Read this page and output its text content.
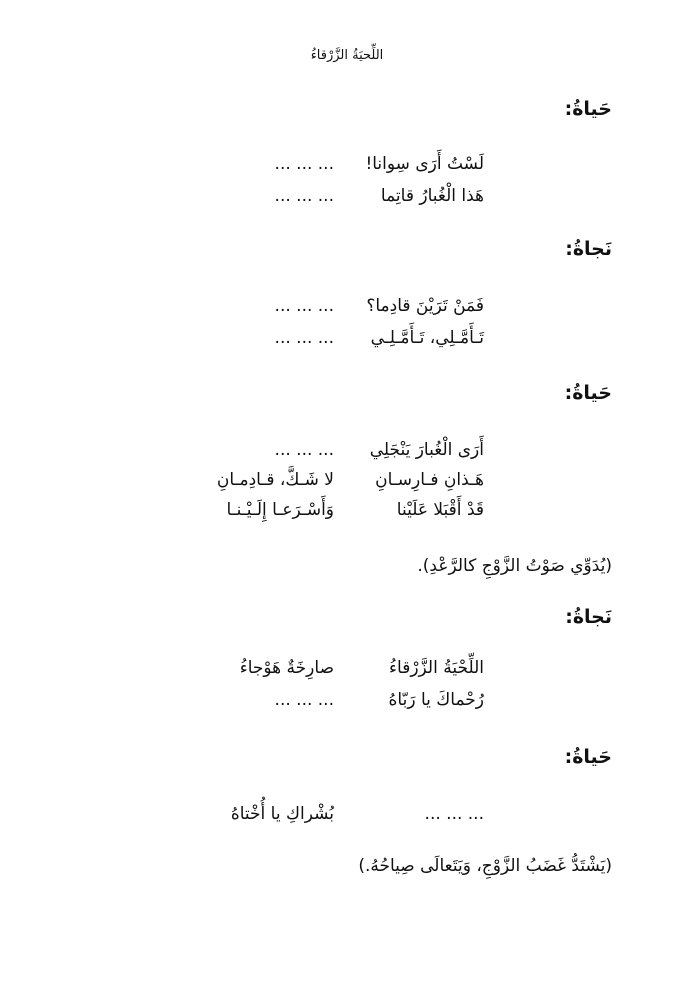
اللِّحيَةُ الزَّرْقاءُ
حَياةُ:
لَسْتُ أَرَى سِوانا!
... ... ...
هَذا الْغُبارُ قاتِما
... ... ...
نَجاةُ:
فَمَنْ تَرَيْنَ قادِما؟
... ... ...
تَـأَمَّـلِي، تَـأَمَّـلِـي
... ... ...
حَياةُ:
أَرَى الْغُبارَ يَنْجَلِي
... ... ...
هَـذانِ فـارِسـانِ
لا شَـكَّ، قـادِمـانِ
قَدْ أَقْبَلا عَلَيْنا
وَأَسْـرَعـا إِلَـيْـنـا
(يُدَوِّي صَوْتُ الزَّوْجِ كالرَّعْدِ).
نَجاةُ:
اللِّحْيَةُ الزَّرْقاءُ
صارِخَةٌ هَوْجاءُ
رُحْماكَ يا رَبّاهُ
... ... ...
حَياةُ:
... ... ...
بُشْراكِ يا أُخْتاهُ
(يَشْتَدُّ غَضَبُ الزَّوْجِ، وَيَتَعالَى صِياحُهُ.)
